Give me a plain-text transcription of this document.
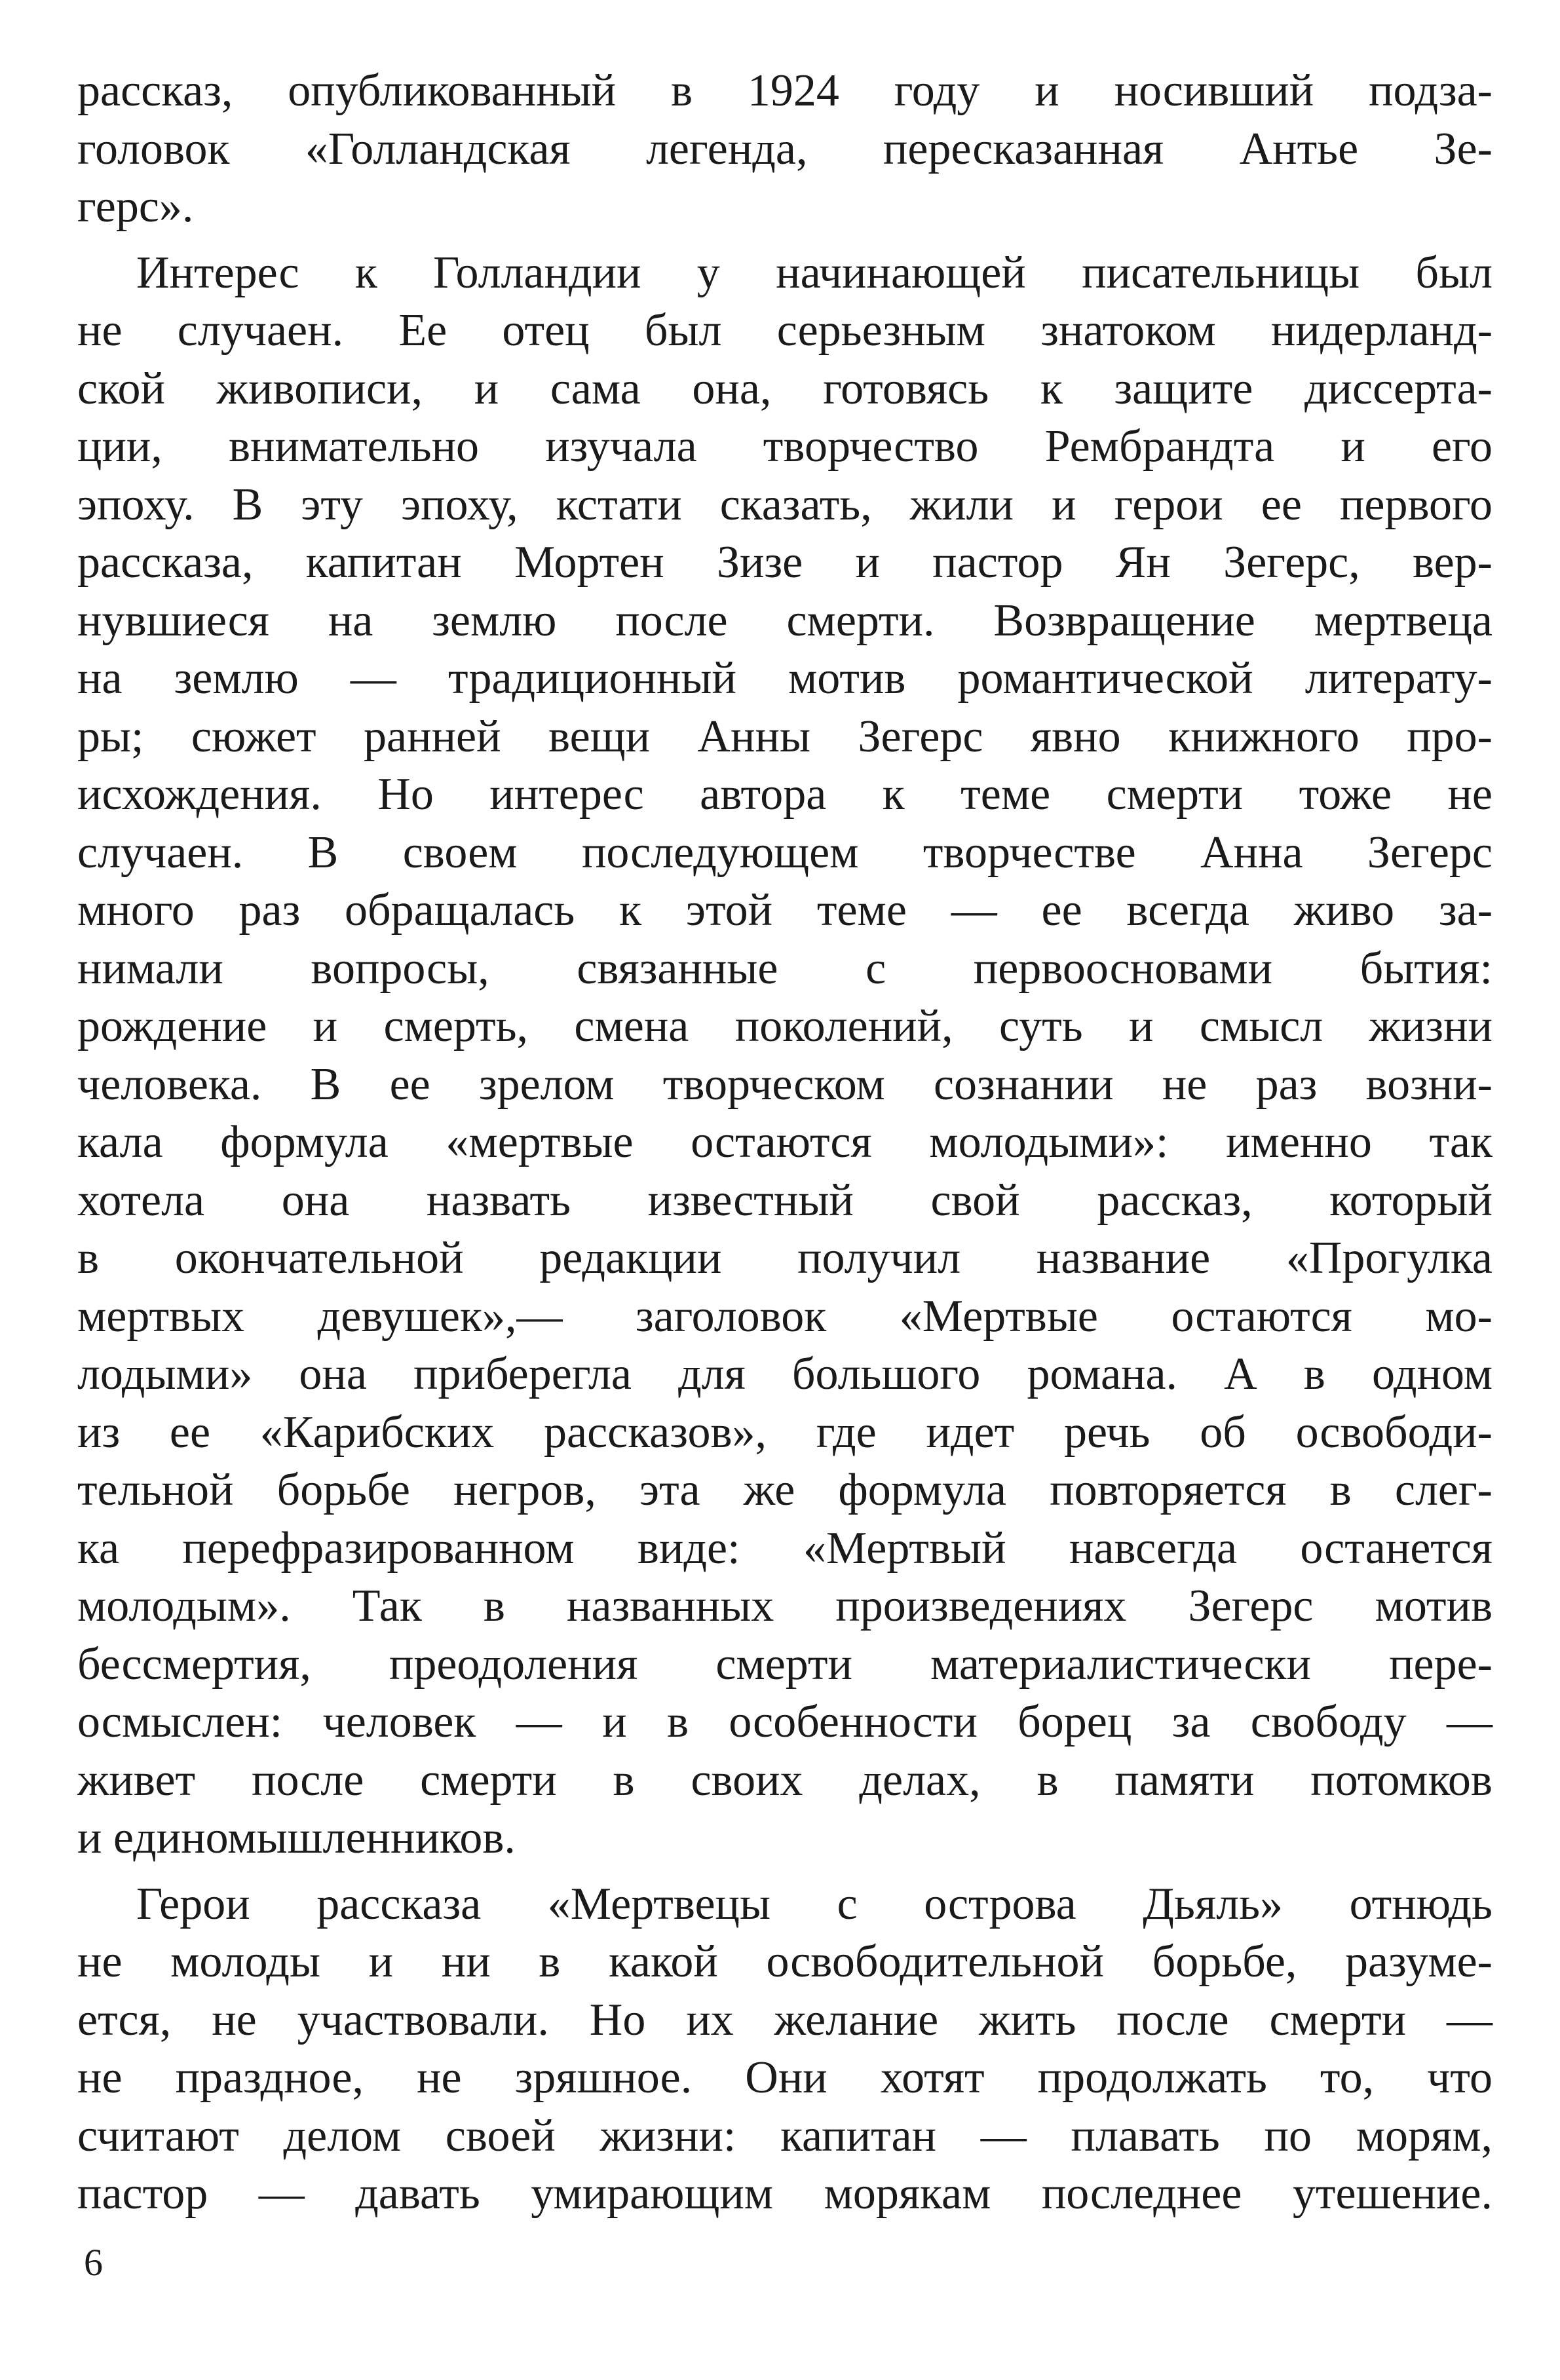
рассказ, опубликованный в 1924 году и носивший подза-
головок «Голландская легенда, пересказанная Антье Зе-
герс».
Интерес к Голландии у начинающей писательницы был
не случаен. Ее отец был серьезным знатоком нидерланд-
ской живописи, и сама она, готовясь к защите диссерта-
ции, внимательно изучала творчество Рембрандта и его
эпоху. В эту эпоху, кстати сказать, жили и герои ее первого
рассказа, капитан Мортен Зизе и пастор Ян Зегерс, вер-
нувшиеся на землю после смерти. Возвращение мертвеца
на землю — традиционный мотив романтической литерату-
ры; сюжет ранней вещи Анны Зегерс явно книжного про-
исхождения. Но интерес автора к теме смерти тоже не
случаен. В своем последующем творчестве Анна Зегерс
много раз обращалась к этой теме — ее всегда живо за-
нимали вопросы, связанные с первоосновами бытия:
рождение и смерть, смена поколений, суть и смысл жизни
человека. В ее зрелом творческом сознании не раз возни-
кала формула «мертвые остаются молодыми»: именно так
хотела она назвать известный свой рассказ, который
в окончательной редакции получил название «Прогулка
мертвых девушек»,— заголовок «Мертвые остаются мо-
лодыми» она приберегла для большого романа. А в одном
из ее «Карибских рассказов», где идет речь об освободи-
тельной борьбе негров, эта же формула повторяется в слег-
ка перефразированном виде: «Мертвый навсегда останется
молодым». Так в названных произведениях Зегерс мотив
бессмертия, преодоления смерти материалистически пере-
осмыслен: человек — и в особенности борец за свободу —
живет после смерти в своих делах, в памяти потомков
и единомышленников.
Герои рассказа «Мертвецы с острова Дьяль» отнюдь
не молоды и ни в какой освободительной борьбе, разуме-
ется, не участвовали. Но их желание жить после смерти —
не праздное, не зряшное. Они хотят продолжать то, что
считают делом своей жизни: капитан — плавать по морям,
пастор — давать умирающим морякам последнее утешение.
6
